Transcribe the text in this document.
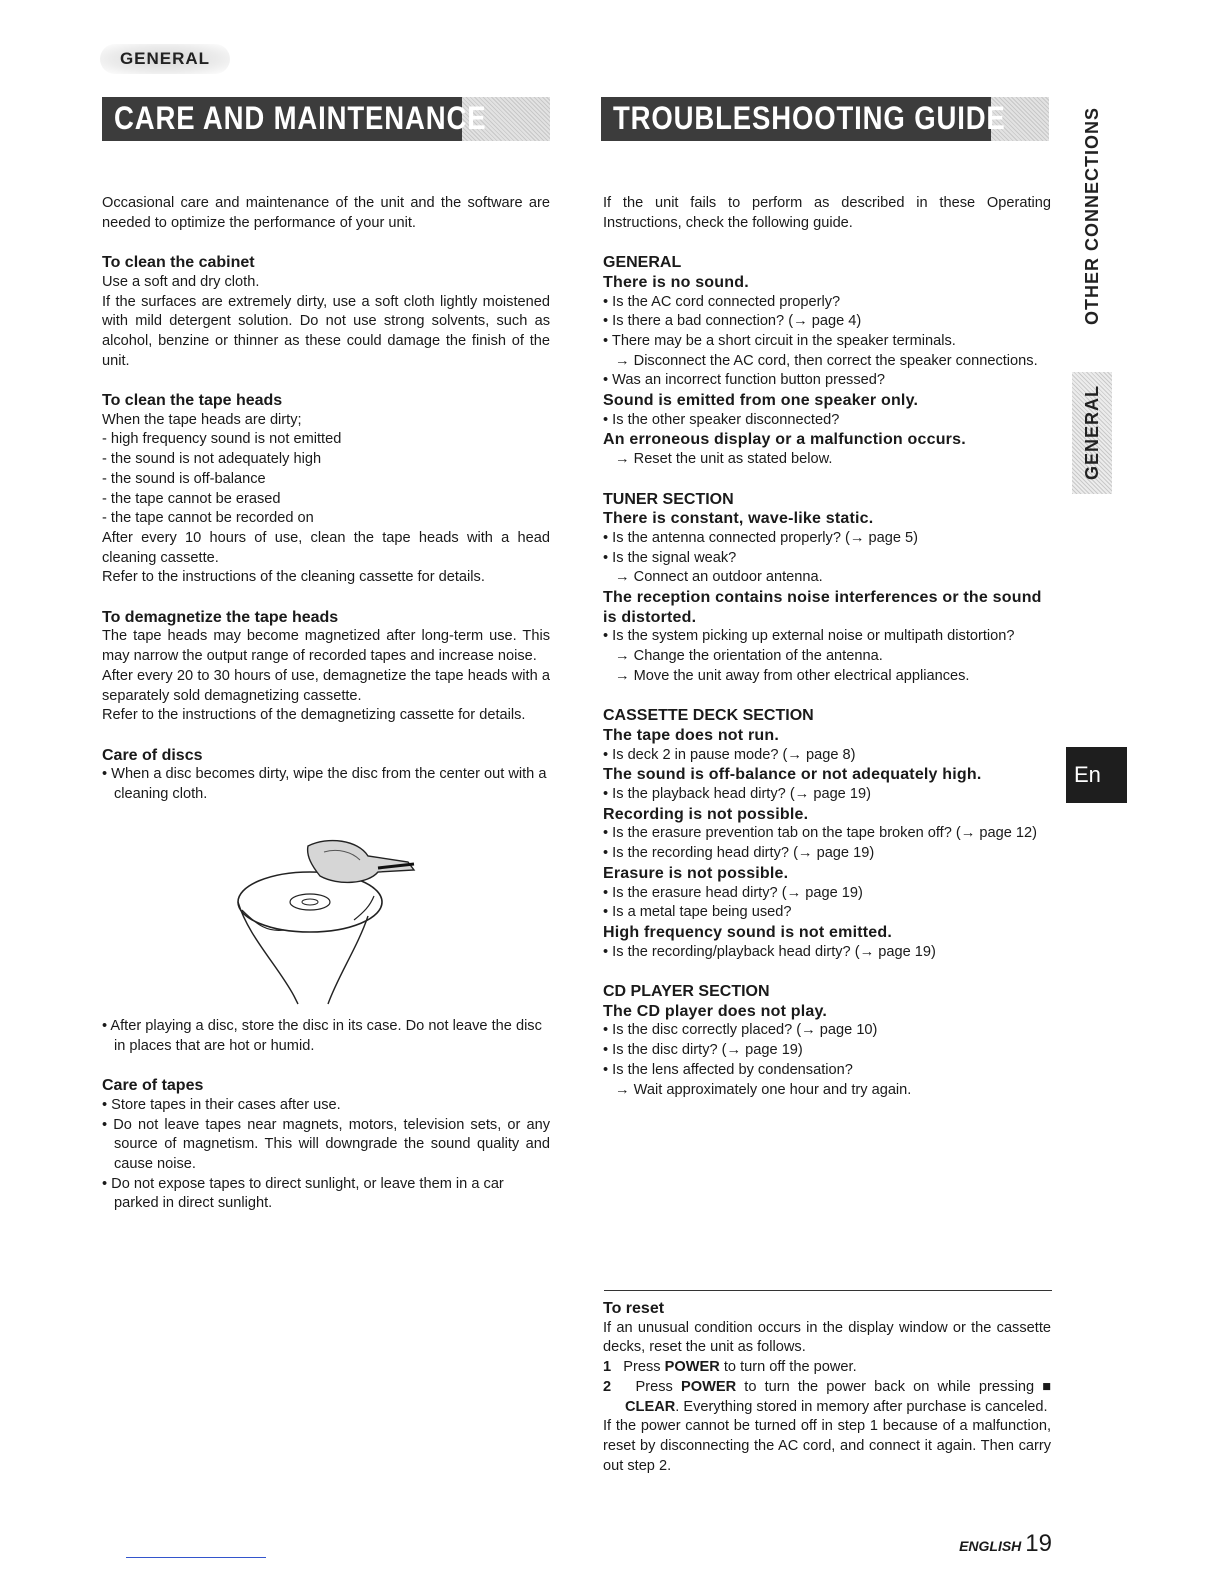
GENERAL
CARE AND MAINTENANCE	TROUBLESHOOTING GUIDE

Occasional care and maintenance of the unit and the software are needed to optimize the performance of your unit.

To clean the cabinet

Use a soft and dry cloth.

If the surfaces are extremely dirty, use a soft cloth lightly moistened with mild detergent solution. Do not use strong solvents, such as alcohol, benzine or thinner as these could damage the finish of the unit.

To clean the tape heads

When the tape heads are dirty;

- high frequency sound is not emitted

- the sound is not adequately high

- the sound is off-balance

- the tape cannot be erased

- the tape cannot be recorded on

After every 10 hours of use, clean the tape heads with a head cleaning cassette.

Refer to the instructions of the cleaning cassette for details.

To demagnetize the tape heads

The tape heads may become magnetized after long-term use. This may narrow the output range of recorded tapes and increase noise.

After every 20 to 30 hours of use, demagnetize the tape heads with a separately sold demagnetizing cassette.

Refer to the instructions of the demagnetizing cassette for details.

Care of discs

• When a disc becomes dirty, wipe the disc from the center out with a cleaning cloth.

• After playing a disc, store the disc in its case. Do not leave the disc in places that are hot or humid.

Care of tapes

• Store tapes in their cases after use.

• Do not leave tapes near magnets, motors, television sets, or any source of magnetism. This will downgrade the sound quality and cause noise.

• Do not expose tapes to direct sunlight, or leave them in a car parked in direct sunlight.

If the unit fails to perform as described in these Operating Instructions, check the following guide.

GENERAL

There is no sound.

• Is the AC cord connected properly?

• Is there a bad connection? (→ page 4)

• There may be a short circuit in the speaker terminals.

→ Disconnect the AC cord, then correct the speaker connections.

• Was an incorrect function button pressed?

Sound is emitted from one speaker only.

• Is the other speaker disconnected?

An erroneous display or a malfunction occurs.

→ Reset the unit as stated below.

TUNER SECTION

There is constant, wave-like static.

• Is the antenna connected properly? (→ page 5)

• Is the signal weak?

→ Connect an outdoor antenna.

The reception contains noise interferences or the sound is distorted.

• Is the system picking up external noise or multipath distortion?

→ Change the orientation of the antenna.

→ Move the unit away from other electrical appliances.

CASSETTE DECK SECTION

The tape does not run.

• Is deck 2 in pause mode? (→ page 8)

The sound is off-balance or not adequately high.

• Is the playback head dirty? (→ page 19)

Recording is not possible.

• Is the erasure prevention tab on the tape broken off? (→ page 12)

• Is the recording head dirty? (→ page 19)

Erasure is not possible.

• Is the erasure head dirty? (→ page 19)

• Is a metal tape being used?

High frequency sound is not emitted.

• Is the recording/playback head dirty? (→ page 19)

CD PLAYER SECTION

The CD player does not play.

• Is the disc correctly placed? (→ page 10)

• Is the disc dirty? (→ page 19)

• Is the lens affected by condensation?

→ Wait approximately one hour and try again.

To reset

If an unusual condition occurs in the display window or the cassette decks, reset the unit as follows.

1 Press POWER to turn off the power.

2 Press POWER to turn the power back on while pressing ■ CLEAR. Everything stored in memory after purchase is canceled.

If the power cannot be turned off in step 1 because of a malfunction, reset by disconnecting the AC cord, and connect it again. Then carry out step 2.

OTHER CONNECTIONS
GENERAL
En
ENGLISH 19
